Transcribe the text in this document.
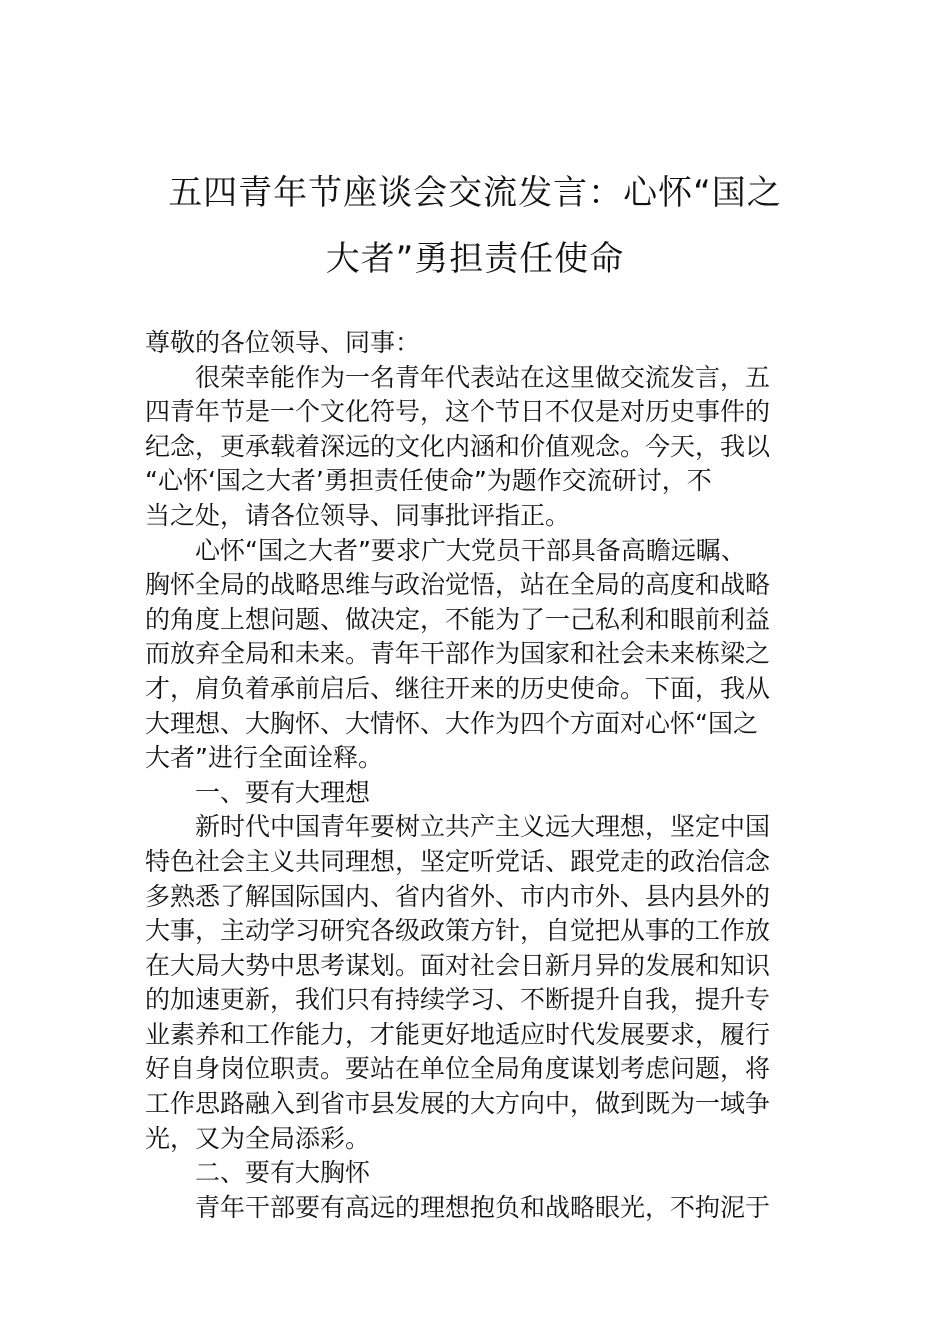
五四青年节座谈会交流发言：心怀“国之
大者”勇担责任使命
尊敬的各位领导、同事：
很荣幸能作为一名青年代表站在这里做交流发言，五
四青年节是一个文化符号，这个节日不仅是对历史事件的
纪念，更承载着深远的文化内涵和价值观念。今天，我以
“心怀‘国之大者’勇担责任使命”为题作交流研讨，不
当之处，请各位领导、同事批评指正。
心怀“国之大者”要求广大党员干部具备高瞻远瞩、
胸怀全局的战略思维与政治觉悟，站在全局的高度和战略
的角度上想问题、做决定，不能为了一己私利和眼前利益
而放弃全局和未来。青年干部作为国家和社会未来栋梁之
才，肩负着承前启后、继往开来的历史使命。下面，我从
大理想、大胸怀、大情怀、大作为四个方面对心怀“国之
大者”进行全面诠释。
一、要有大理想
新时代中国青年要树立共产主义远大理想，坚定中国
特色社会主义共同理想，坚定听党话、跟党走的政治信念
多熟悉了解国际国内、省内省外、市内市外、县内县外的
大事，主动学习研究各级政策方针，自觉把从事的工作放
在大局大势中思考谋划。面对社会日新月异的发展和知识
的加速更新，我们只有持续学习、不断提升自我，提升专
业素养和工作能力，才能更好地适应时代发展要求，履行
好自身岗位职责。要站在单位全局角度谋划考虑问题，将
工作思路融入到省市县发展的大方向中，做到既为一域争
光，又为全局添彩。
二、要有大胸怀
青年干部要有高远的理想抱负和战略眼光，不拘泥于
